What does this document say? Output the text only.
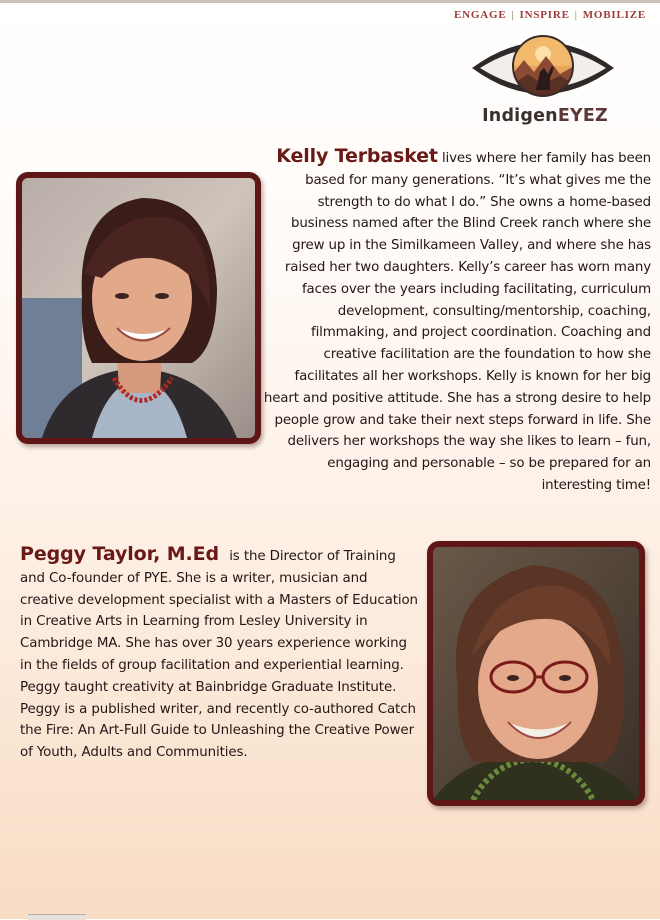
ENGAGE | INSPIRE | MOBILIZE
IndigenEYEZ
Kelly Terbasket lives where her family has been based for many generations. “It’s what gives me the strength to do what I do.” She owns a home-based business named after the Blind Creek ranch where she grew up in the Similkameen Valley, and where she has raised her two daughters. Kelly’s career has worn many faces over the years including facilitating, curriculum development, consulting/mentorship, coaching, filmmaking, and project coordination. Coaching and creative facilitation are the foundation to how she facilitates all her workshops. Kelly is known for her big heart and positive attitude. She has a strong desire to help people grow and take their next steps forward in life. She delivers her workshops the way she likes to learn – fun, engaging and personable – so be prepared for an interesting time!
Peggy Taylor, M.Ed is the Director of Training and Co-founder of PYE. She is a writer, musician and creative development specialist with a Masters of Education in Creative Arts in Learning from Lesley University in Cambridge MA. She has over 30 years experience working in the fields of group facilitation and experiential learning. Peggy taught creativity at Bainbridge Graduate Institute. Peggy is a published writer, and recently co-authored Catch the Fire: An Art-Full Guide to Unleashing the Creative Power of Youth, Adults and Communities.
